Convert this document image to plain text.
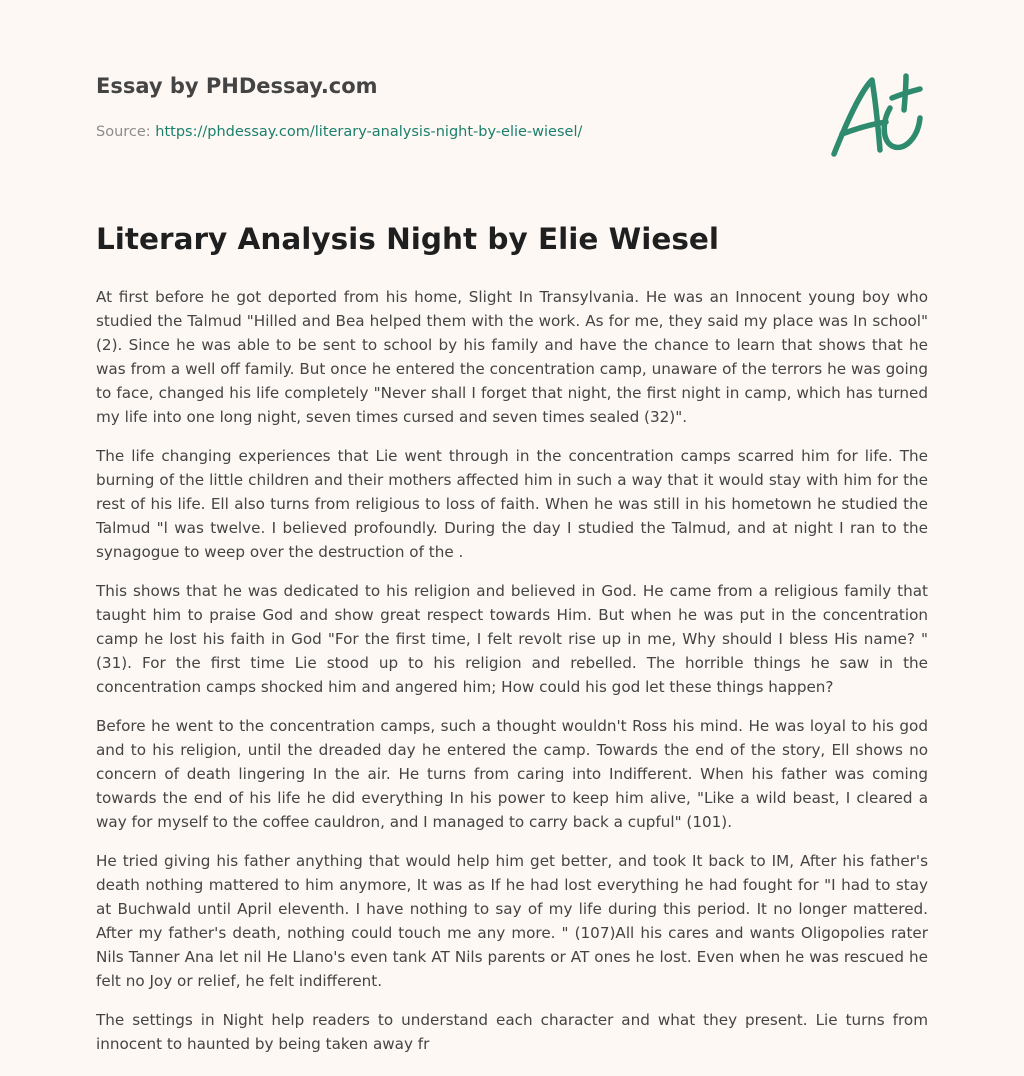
Essay by PHDessay.com
Source: https://phdessay.com/literary-analysis-night-by-elie-wiesel/
Literary Analysis Night by Elie Wiesel

At first before he got deported from his home, Slight In Transylvania. He was an Innocent young boy who studied the Talmud "Hilled and Bea helped them with the work. As for me, they said my place was In school" (2). Since he was able to be sent to school by his family and have the chance to learn that shows that he was from a well off family. But once he entered the concentration camp, unaware of the terrors he was going to face, changed his life completely "Never shall I forget that night, the first night in camp, which has turned my life into one long night, seven times cursed and seven times sealed (32)".

The life changing experiences that Lie went through in the concentration camps scarred him for life. The burning of the little children and their mothers affected him in such a way that it would stay with him for the rest of his life. Ell also turns from religious to loss of faith. When he was still in his hometown he studied the Talmud "l was twelve. I believed profoundly. During the day I studied the Talmud, and at night I ran to the synagogue to weep over the destruction of the .

This shows that he was dedicated to his religion and believed in God. He came from a religious family that taught him to praise God and show great respect towards Him. But when he was put in the concentration camp he lost his faith in God "For the first time, I felt revolt rise up in me, Why should I bless His name? " (31). For the first time Lie stood up to his religion and rebelled. The horrible things he saw in the concentration camps shocked him and angered him; How could his god let these things happen?

Before he went to the concentration camps, such a thought wouldn't Ross his mind. He was loyal to his god and to his religion, until the dreaded day he entered the camp. Towards the end of the story, Ell shows no concern of death lingering In the air. He turns from caring into Indifferent. When his father was coming towards the end of his life he did everything In his power to keep him alive, "Like a wild beast, I cleared a way for myself to the coffee cauldron, and I managed to carry back a cupful" (101).

He tried giving his father anything that would help him get better, and took It back to IM, After his father's death nothing mattered to him anymore, It was as If he had lost everything he had fought for "I had to stay at Buchwald until April eleventh. I have nothing to say of my life during this period. It no longer mattered. After my father's death, nothing could touch me any more. " (107)All his cares and wants Oligopolies rater Nils Tanner Ana let nil He Llano's even tank AT Nils parents or AT ones he lost. Even when he was rescued he felt no Joy or relief, he felt indifferent.

The settings in Night help readers to understand each character and what they present. Lie turns from innocent to haunted by being taken away fr
